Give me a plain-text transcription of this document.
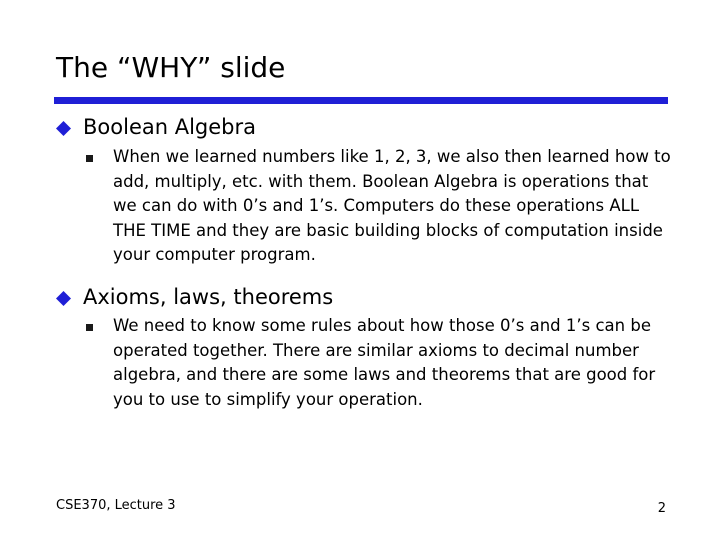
The “WHY” slide
Boolean Algebra
When we learned numbers like 1, 2, 3, we also then learned how to add, multiply, etc. with them. Boolean Algebra is operations that we can do with 0’s and 1’s. Computers do these operations ALL THE TIME and they are basic building blocks of computation inside your computer program.
Axioms, laws, theorems
We need to know some rules about how those 0’s and 1’s can be operated together. There are similar axioms to decimal number algebra, and there are some laws and theorems that are good for you to use to simplify your operation.
CSE370, Lecture 3	2
